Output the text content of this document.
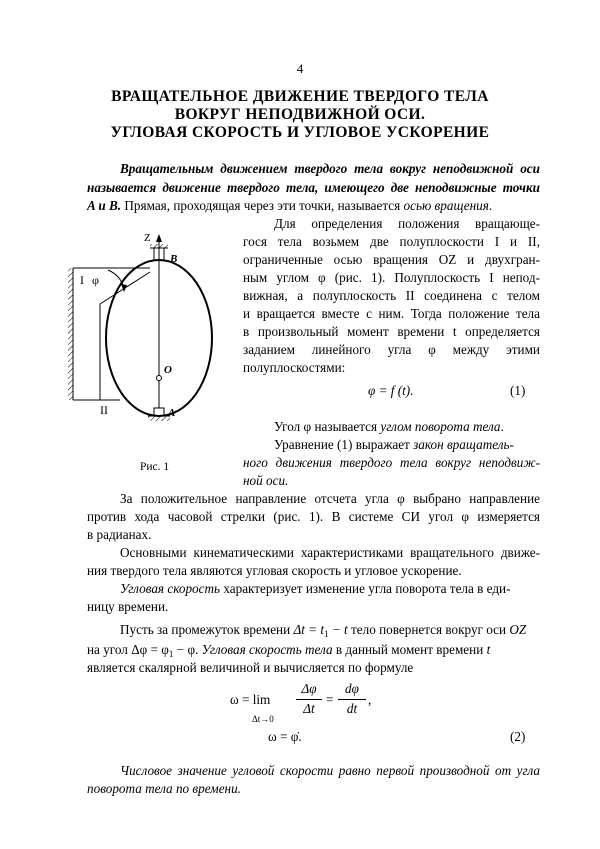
4

ВРАЩАТЕЛЬНОЕ ДВИЖЕНИЕ ТВЕРДОГО ТЕЛА

ВОКРУГ НЕПОДВИЖНОЙ ОСИ.

УГЛОВАЯ СКОРОСТЬ И УГЛОВОЕ УСКОРЕНИЕ

Вращательным движением твердого тела вокруг неподвижной оси

называется движение твердого тела, имеющего две неподвижные точки

A и B. Прямая, проходящая через эти точки, называется осью вращения.

Для определения положения вращающе-

гося тела возьмем две полуплоскости I и II,

ограниченные осью вращения OZ и двухгран-

ным углом φ (рис. 1). Полуплоскость I непод-

вижная, а полуплоскость II соединена с телом

и вращается вместе с ним. Тогда положение тела

в произвольный момент времени t определяется

заданием линейного угла φ между этими

полуплоскостями:

φ = f (t).	(1)

Угол φ называется углом поворота тела.

Уравнение (1) выражает закон вращатель-

ного движения твердого тела вокруг неподвиж-

ной оси.

Z
B
O
A
I φ
II

Рис. 1

За положительное направление отсчета угла φ выбрано направление

против хода часовой стрелки (рис. 1). В системе СИ угол φ измеряется

в радианах.

Основными кинематическими характеристиками вращательного движе-

ния твердого тела являются угловая скорость и угловое ускорение.

Угловая скорость характеризует изменение угла поворота тела в еди-

ницу времени.

Пусть за промежуток времени $\Delta t = t_1 - t$ тело повернется вокруг оси OZ

на угол $\Delta\varphi = \varphi_1 - \varphi$. Угловая скорость тела в данный момент времени t

является скалярной величиной и вычисляется по формуле

ω = lim
Δt→0
Δφ
Δt
=
dφ
dt
,

ω = φ̇.	(2)

Числовое значение угловой скорости равно первой производной от угла

поворота тела по времени.
